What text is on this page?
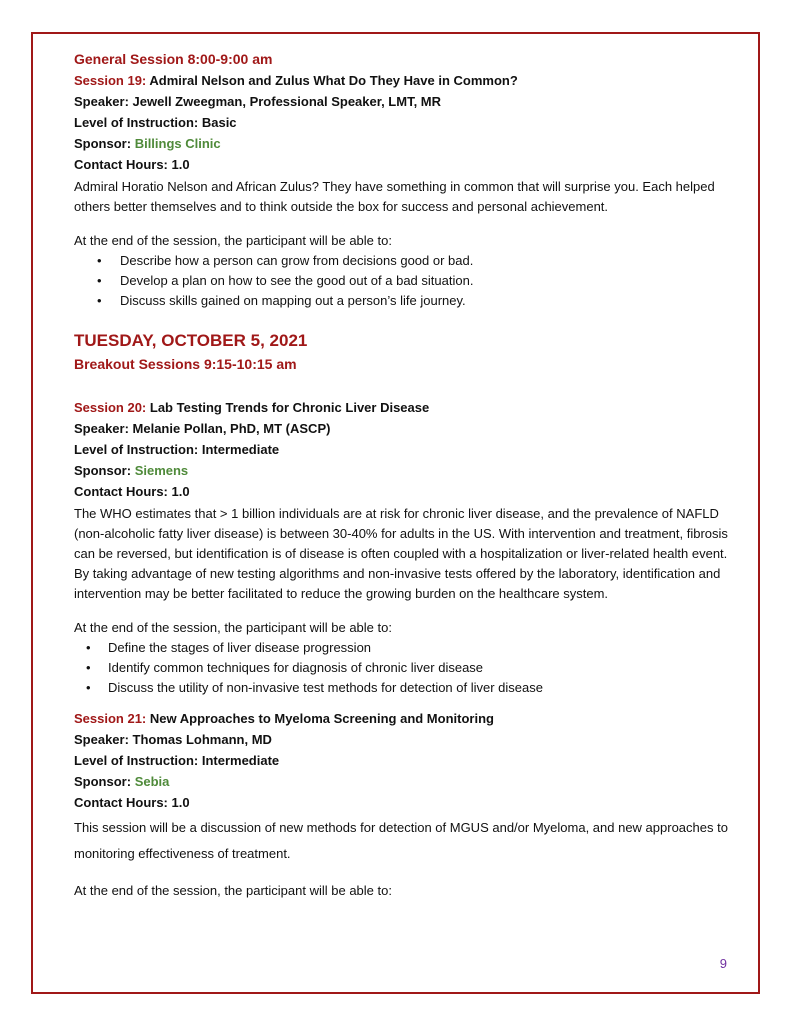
General Session 8:00-9:00 am
Session 19: Admiral Nelson and Zulus What Do They Have in Common?
Speaker: Jewell Zweegman, Professional Speaker, LMT, MR
Level of Instruction: Basic
Sponsor: Billings Clinic
Contact Hours: 1.0

Admiral Horatio Nelson and African Zulus? They have something in common that will surprise you. Each helped others better themselves and to think outside the box for success and personal achievement.

At the end of the session, the participant will be able to:
• Describe how a person can grow from decisions good or bad.
• Develop a plan on how to see the good out of a bad situation.
• Discuss skills gained on mapping out a person’s life journey.
TUESDAY, OCTOBER 5, 2021
Breakout Sessions 9:15-10:15 am
Session 20: Lab Testing Trends for Chronic Liver Disease
Speaker: Melanie Pollan, PhD, MT (ASCP)
Level of Instruction: Intermediate
Sponsor: Siemens
Contact Hours: 1.0

The WHO estimates that > 1 billion individuals are at risk for chronic liver disease, and the prevalence of NAFLD (non-alcoholic fatty liver disease) is between 30-40% for adults in the US. With intervention and treatment, fibrosis can be reversed, but identification is of disease is often coupled with a hospitalization or liver-related health event. By taking advantage of new testing algorithms and non-invasive tests offered by the laboratory, identification and intervention may be better facilitated to reduce the growing burden on the healthcare system.

At the end of the session, the participant will be able to:
• Define the stages of liver disease progression
• Identify common techniques for diagnosis of chronic liver disease
• Discuss the utility of non-invasive test methods for detection of liver disease
Session 21: New Approaches to Myeloma Screening and Monitoring
Speaker: Thomas Lohmann, MD
Level of Instruction: Intermediate
Sponsor: Sebia
Contact Hours: 1.0

This session will be a discussion of new methods for detection of MGUS and/or Myeloma, and new approaches to monitoring effectiveness of treatment.

At the end of the session, the participant will be able to:
9
